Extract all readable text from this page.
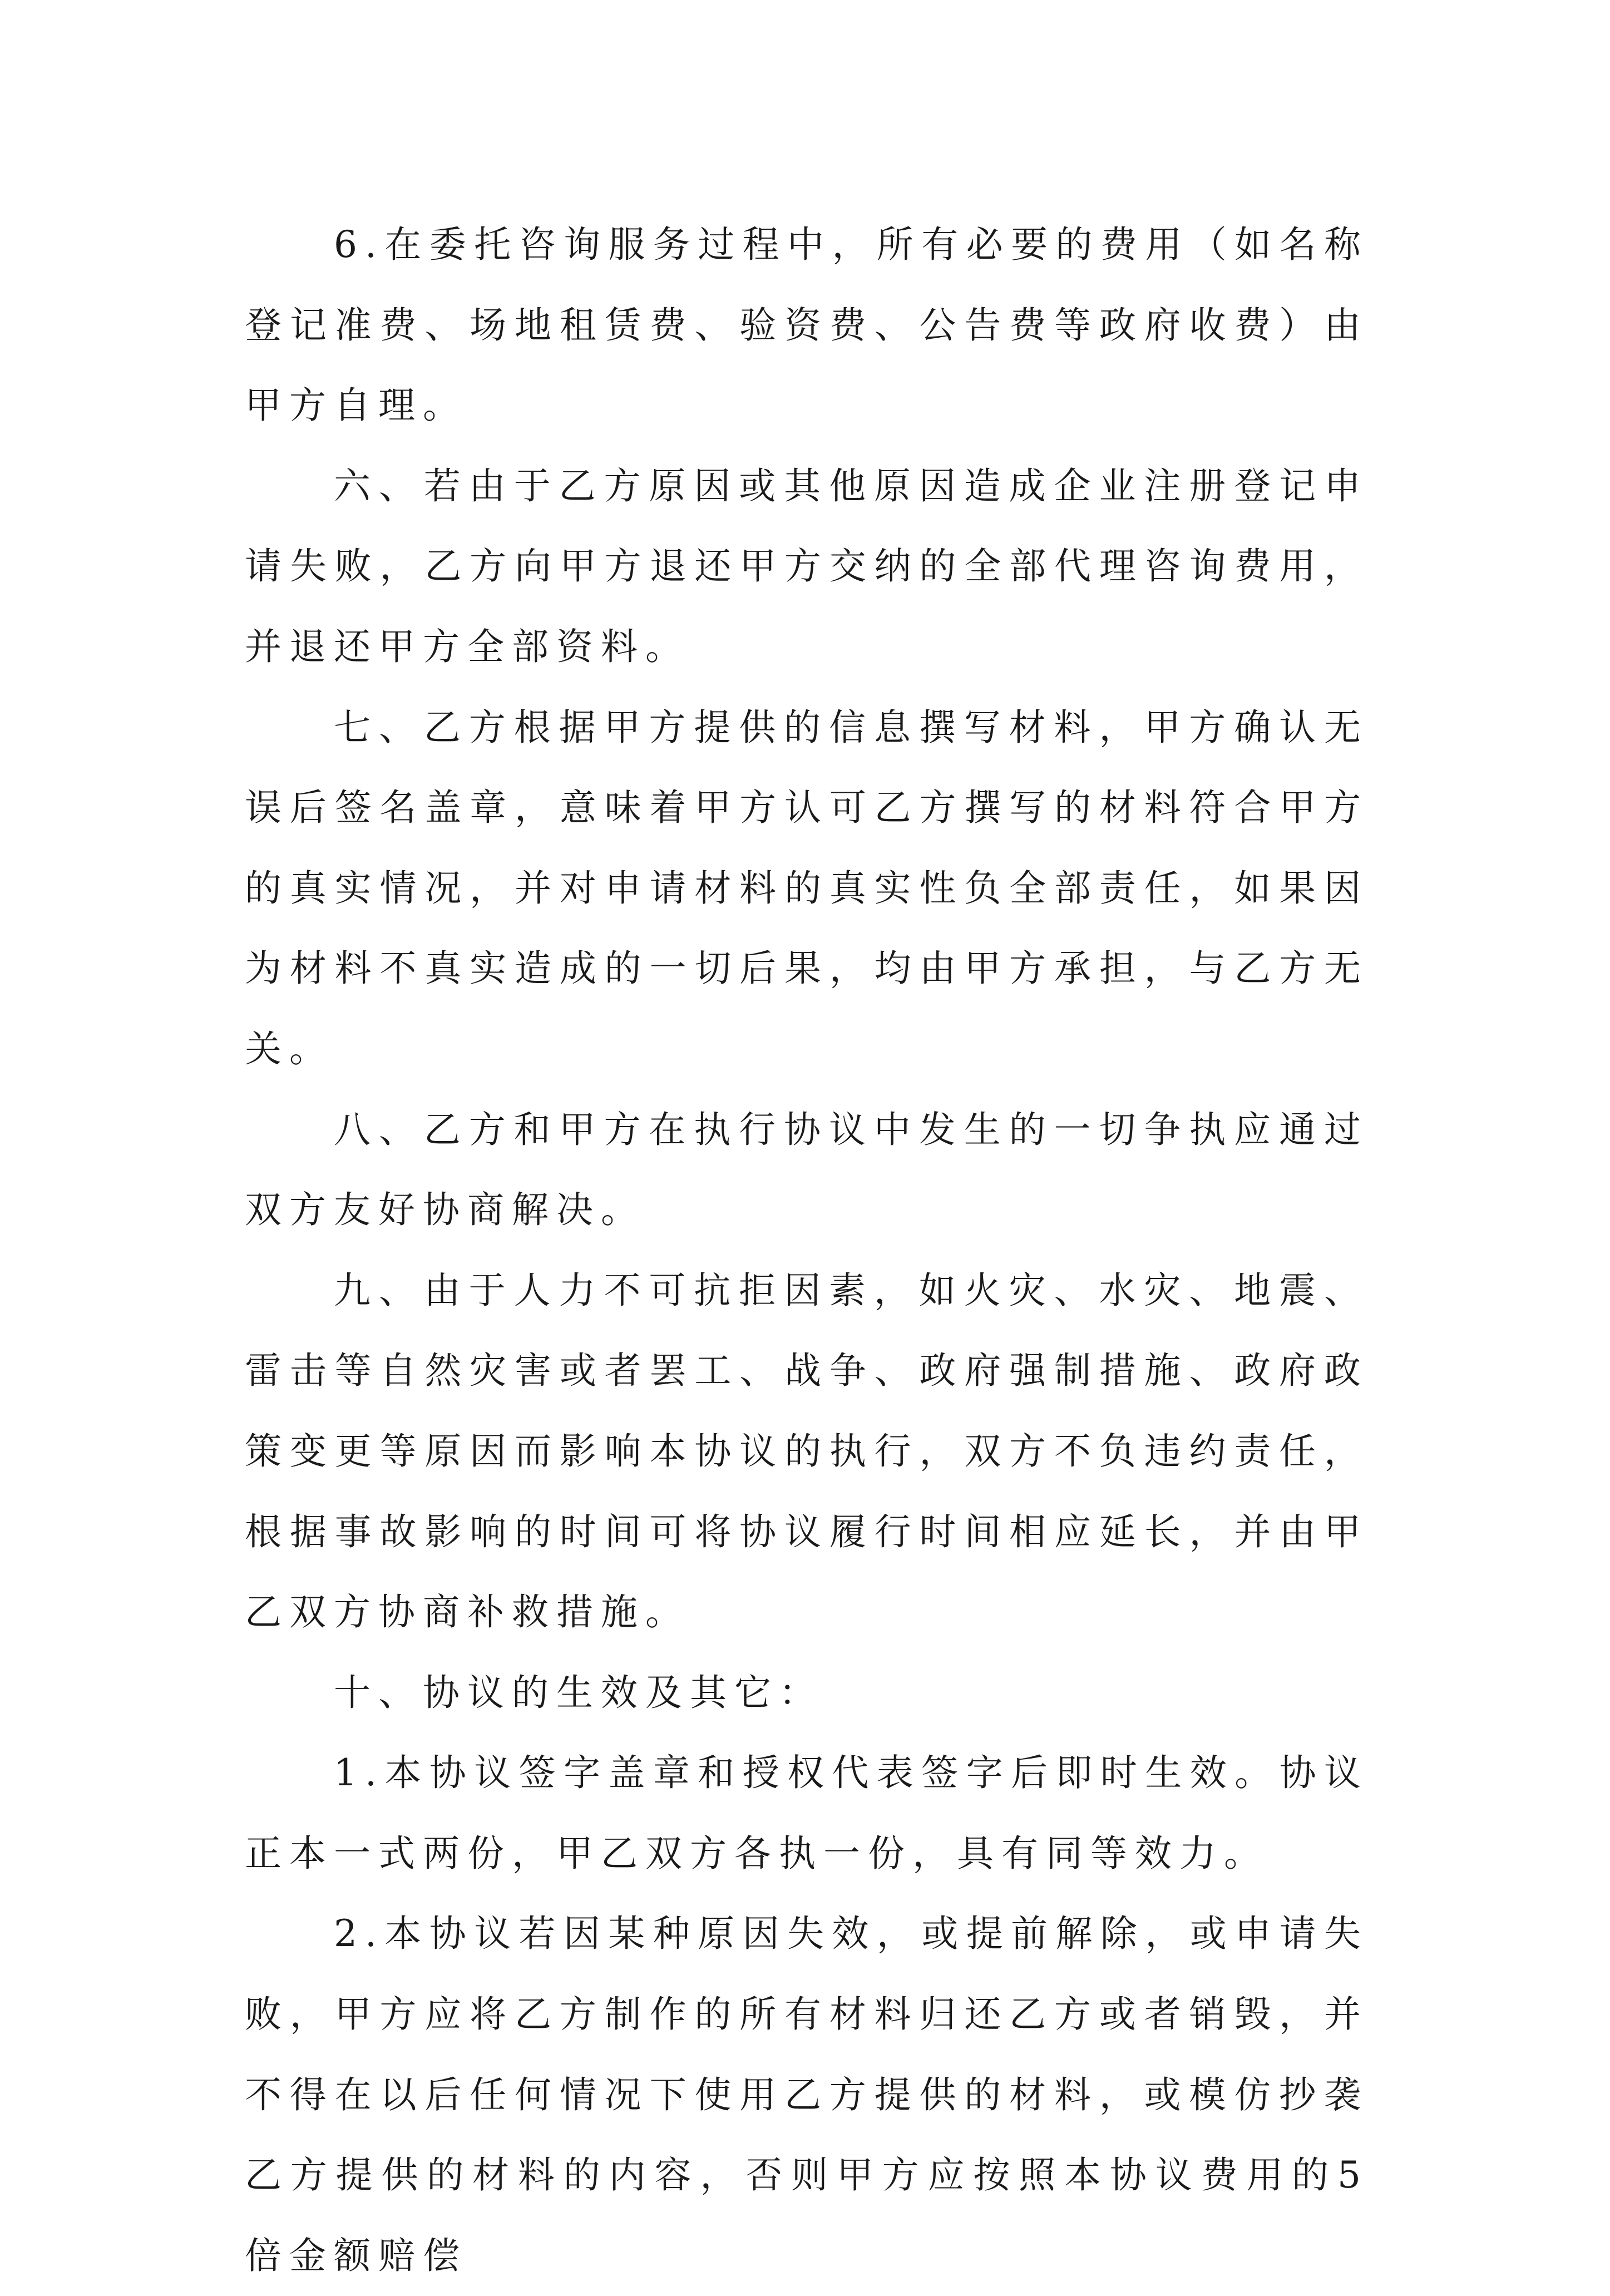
6.在委托咨询服务过程中，所有必要的费用（如名称登记准费、场地租赁费、验资费、公告费等政府收费）由甲方自理。

六、若由于乙方原因或其他原因造成企业注册登记申请失败，乙方向甲方退还甲方交纳的全部代理咨询费用，并退还甲方全部资料。

七、乙方根据甲方提供的信息撰写材料，甲方确认无误后签名盖章，意味着甲方认可乙方撰写的材料符合甲方的真实情况，并对申请材料的真实性负全部责任，如果因为材料不真实造成的一切后果，均由甲方承担，与乙方无关。

八、乙方和甲方在执行协议中发生的一切争执应通过双方友好协商解决。

九、由于人力不可抗拒因素，如火灾、水灾、地震、雷击等自然灾害或者罢工、战争、政府强制措施、政府政策变更等原因而影响本协议的执行，双方不负违约责任，根据事故影响的时间可将协议履行时间相应延长，并由甲乙双方协商补救措施。

十、协议的生效及其它：

1.本协议签字盖章和授权代表签字后即时生效。协议正本一式两份，甲乙双方各执一份，具有同等效力。

2.本协议若因某种原因失效，或提前解除，或申请失败，甲方应将乙方制作的所有材料归还乙方或者销毁，并不得在以后任何情况下使用乙方提供的材料，或模仿抄袭乙方提供的材料的内容，否则甲方应按照本协议费用的5倍金额赔偿
